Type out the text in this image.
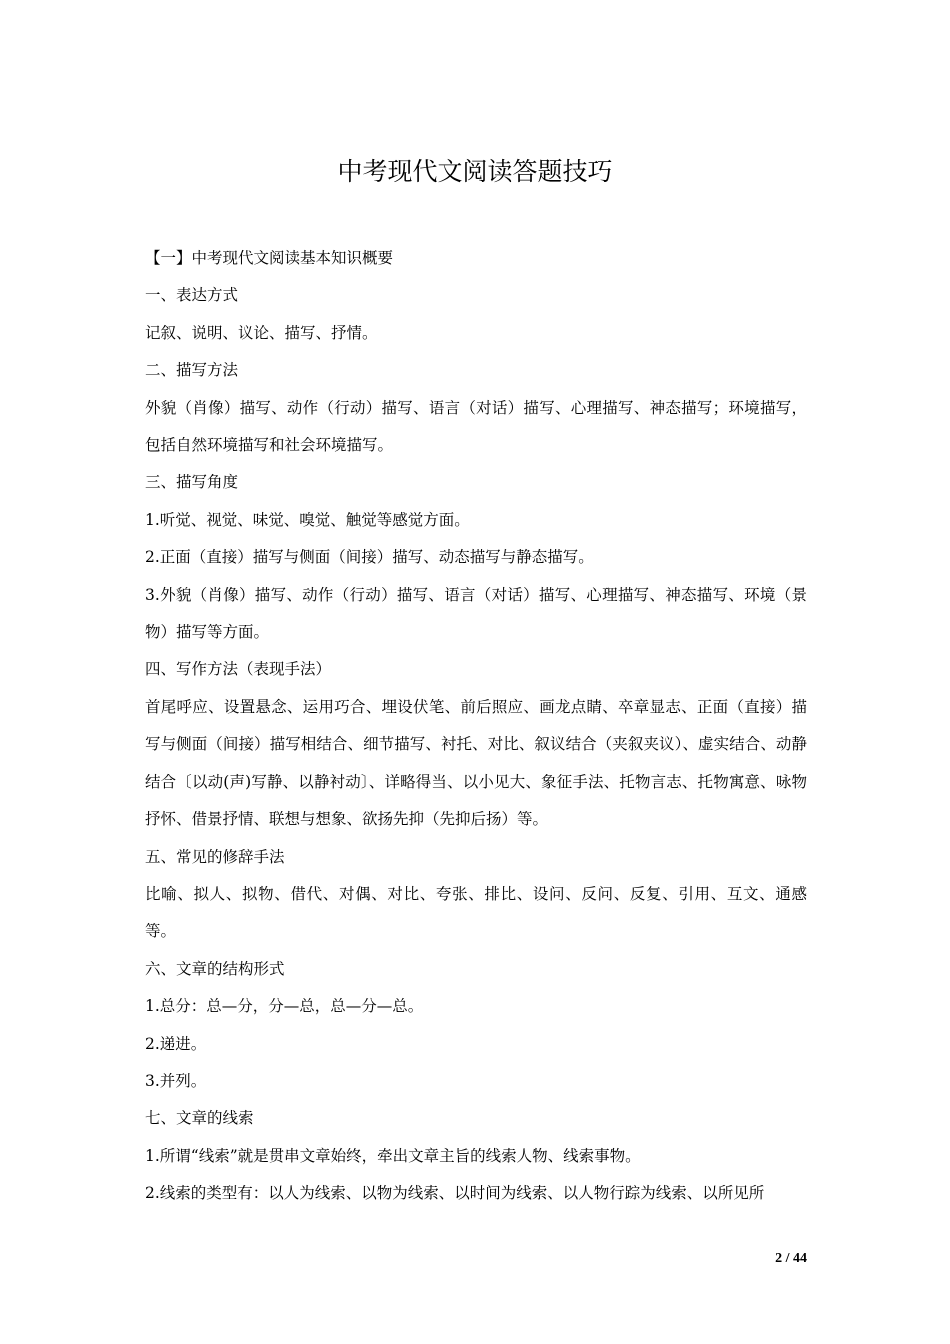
中考现代文阅读答题技巧

【一】中考现代文阅读基本知识概要

一、表达方式

记叙、说明、议论、描写、抒情。

二、描写方法

外貌（肖像）描写、动作（行动）描写、语言（对话）描写、心理描写、神态描写；环境描写，包括自然环境描写和社会环境描写。

三、描写角度

1.听觉、视觉、味觉、嗅觉、触觉等感觉方面。

2.正面（直接）描写与侧面（间接）描写、动态描写与静态描写。

3.外貌（肖像）描写、动作（行动）描写、语言（对话）描写、心理描写、神态描写、环境（景物）描写等方面。

四、写作方法（表现手法）

首尾呼应、设置悬念、运用巧合、埋设伏笔、前后照应、画龙点睛、卒章显志、正面（直接）描写与侧面（间接）描写相结合、细节描写、衬托、对比、叙议结合（夹叙夹议）、虚实结合、动静结合〔以动(声)写静、以静衬动〕、详略得当、以小见大、象征手法、托物言志、托物寓意、咏物抒怀、借景抒情、联想与想象、欲扬先抑（先抑后扬）等。

五、常见的修辞手法

比喻、拟人、拟物、借代、对偶、对比、夸张、排比、设问、反问、反复、引用、互文、通感等。

六、文章的结构形式

1.总分：总—分，分—总，总—分—总。

2.递进。

3.并列。

七、文章的线索

1.所谓“线索”就是贯串文章始终，牵出文章主旨的线索人物、线索事物。

2.线索的类型有：以人为线索、以物为线索、以时间为线索、以人物行踪为线索、以所见所

2 / 44
